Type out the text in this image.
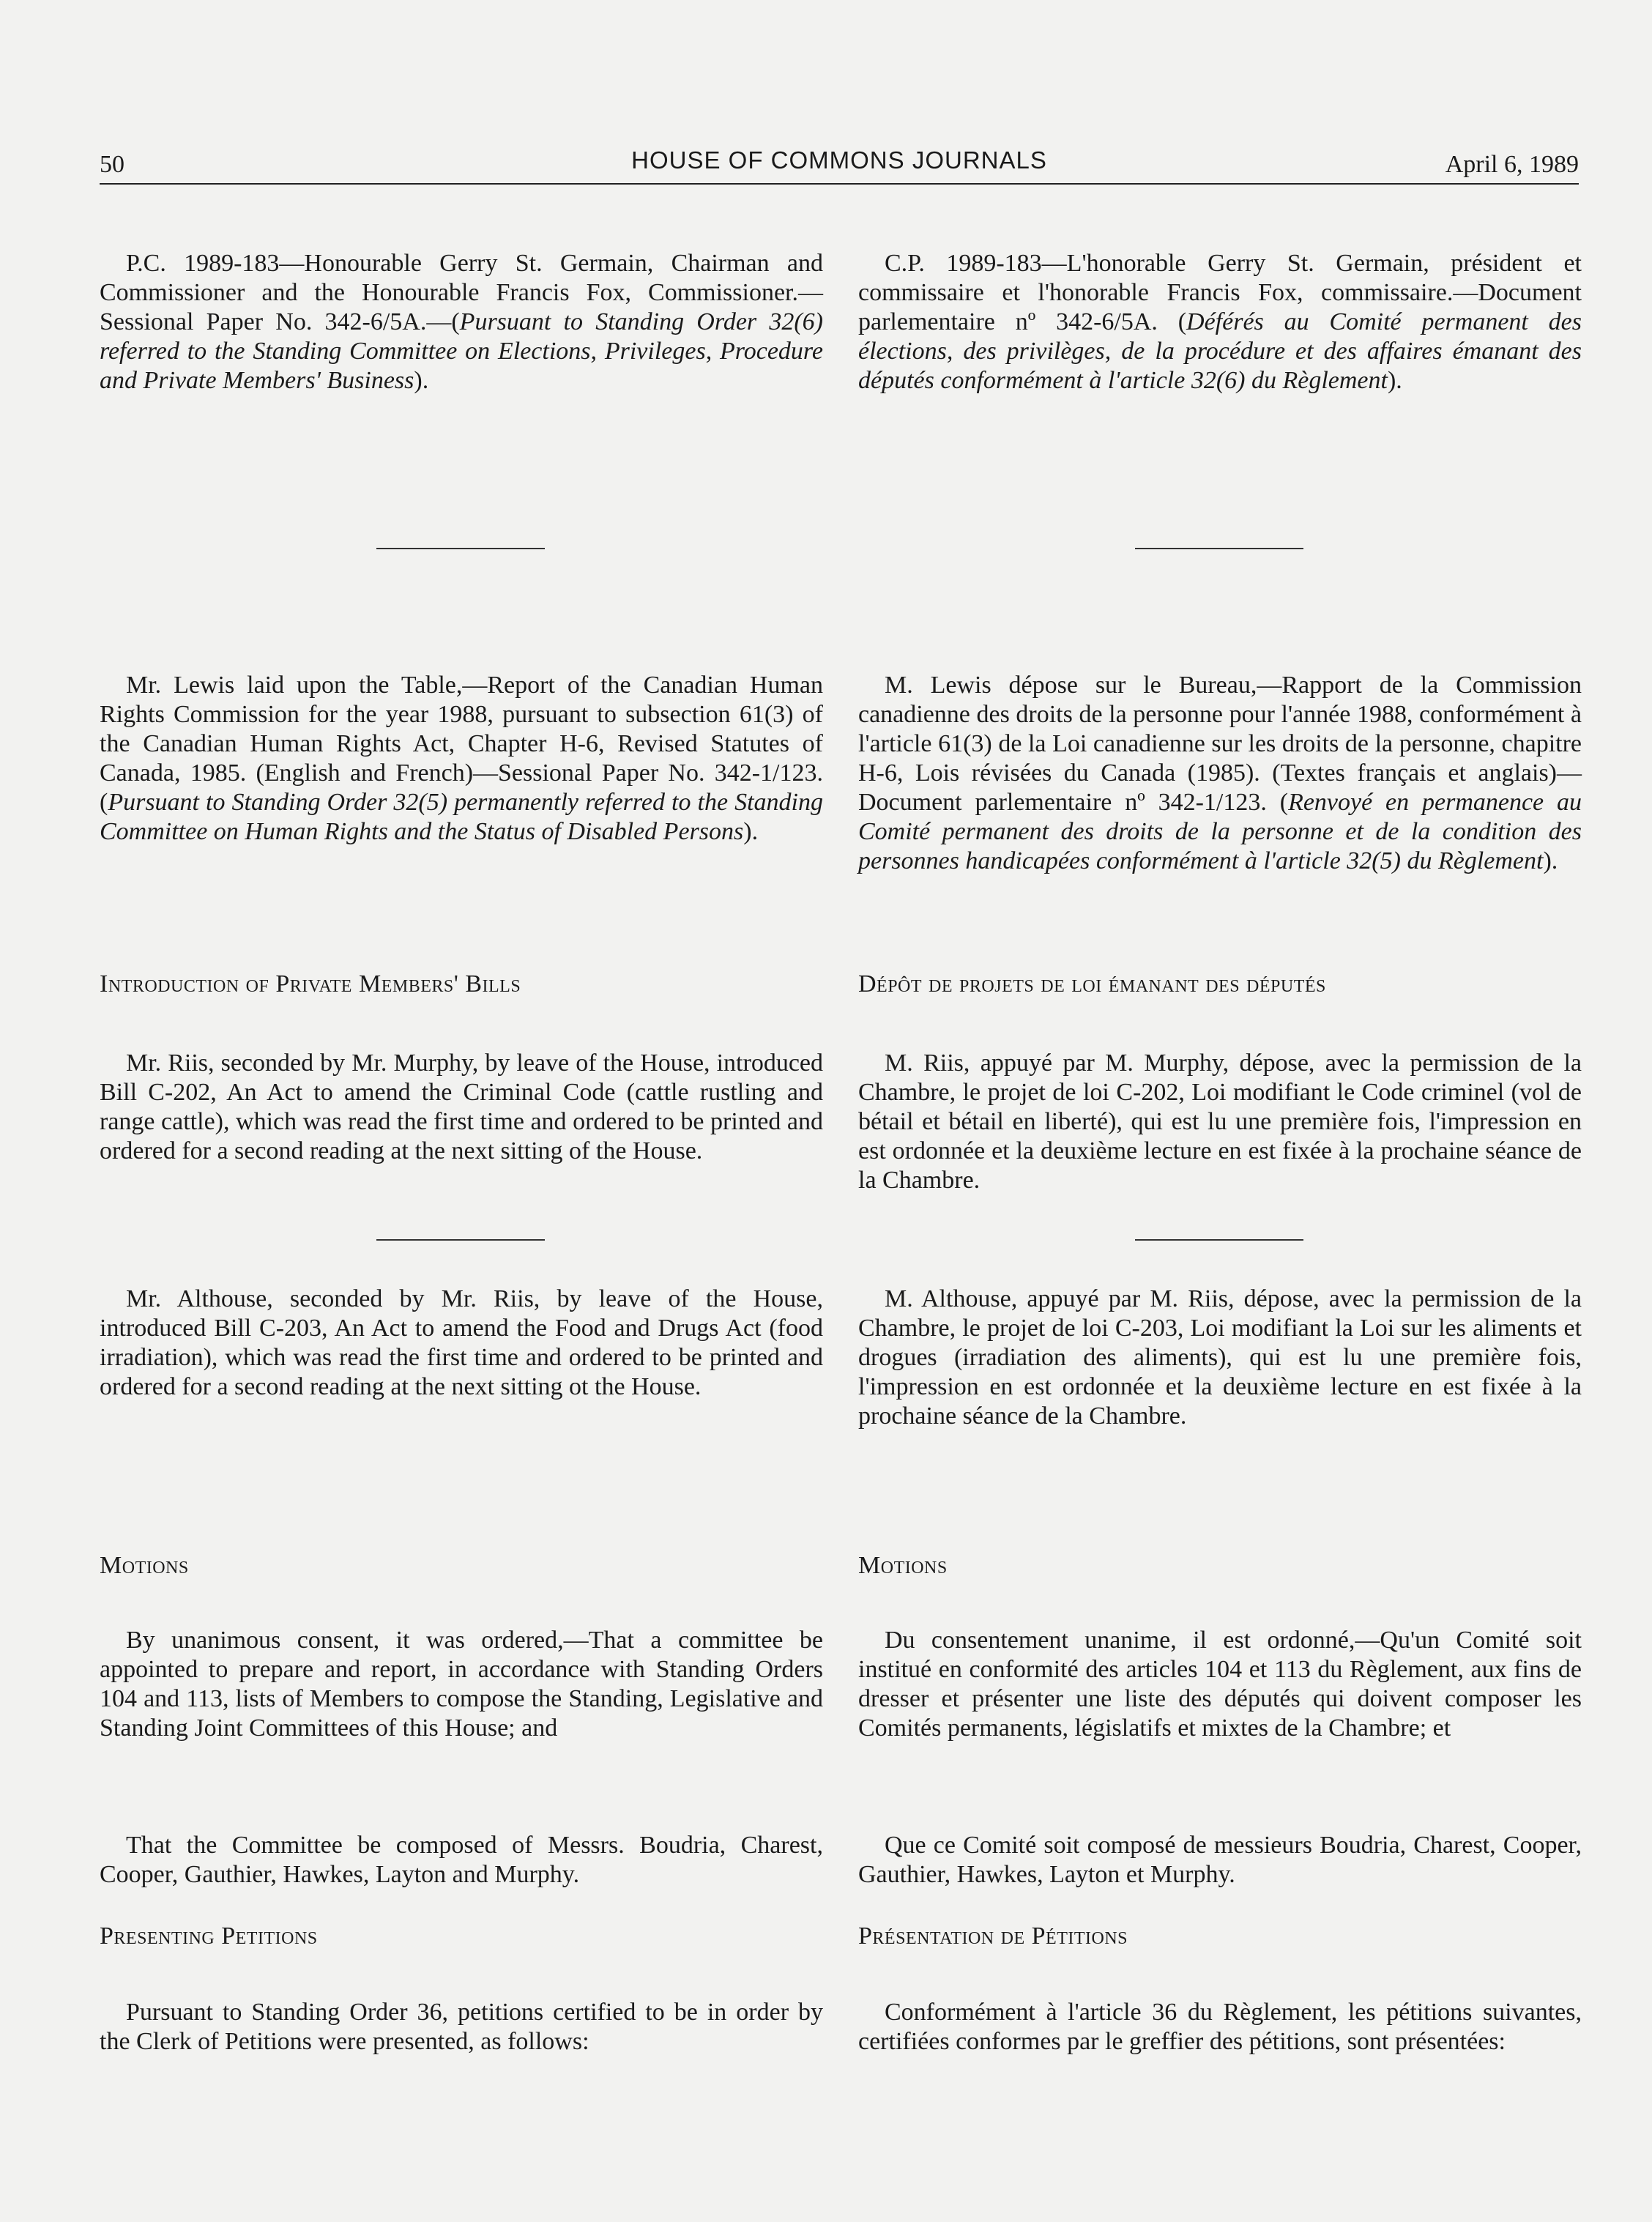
50	HOUSE OF COMMONS JOURNALS	April 6, 1989

P.C. 1989-183—Honourable Gerry St. Germain, Chairman and Commissioner and the Honourable Francis Fox, Commissioner.—Sessional Paper No. 342-6/5A.—(Pursuant to Standing Order 32(6) referred to the Standing Committee on Elections, Privileges, Procedure and Private Members' Business).

Mr. Lewis laid upon the Table,—Report of the Canadian Human Rights Commission for the year 1988, pursuant to subsection 61(3) of the Canadian Human Rights Act, Chapter H-6, Revised Statutes of Canada, 1985. (English and French)—Sessional Paper No. 342-1/123. (Pursuant to Standing Order 32(5) permanently referred to the Standing Committee on Human Rights and the Status of Disabled Persons).

Introduction of Private Members' Bills

Mr. Riis, seconded by Mr. Murphy, by leave of the House, introduced Bill C-202, An Act to amend the Criminal Code (cattle rustling and range cattle), which was read the first time and ordered to be printed and ordered for a second reading at the next sitting of the House.

Mr. Althouse, seconded by Mr. Riis, by leave of the House, introduced Bill C-203, An Act to amend the Food and Drugs Act (food irradiation), which was read the first time and ordered to be printed and ordered for a second reading at the next sitting ot the House.

Motions

By unanimous consent, it was ordered,—That a committee be appointed to prepare and report, in accordance with Standing Orders 104 and 113, lists of Members to compose the Standing, Legislative and Standing Joint Committees of this House; and

That the Committee be composed of Messrs. Boudria, Charest, Cooper, Gauthier, Hawkes, Layton and Murphy.

Presenting Petitions

Pursuant to Standing Order 36, petitions certified to be in order by the Clerk of Petitions were presented, as follows:

C.P. 1989-183—L'honorable Gerry St. Germain, président et commissaire et l'honorable Francis Fox, commissaire.—Document parlementaire nº 342-6/5A. (Déférés au Comité permanent des élections, des privilèges, de la procédure et des affaires émanant des députés conformément à l'article 32(6) du Règlement).

M. Lewis dépose sur le Bureau,—Rapport de la Commission canadienne des droits de la personne pour l'année 1988, conformément à l'article 61(3) de la Loi canadienne sur les droits de la personne, chapitre H-6, Lois révisées du Canada (1985). (Textes français et anglais)—Document parlementaire nº 342-1/123. (Renvoyé en permanence au Comité permanent des droits de la personne et de la condition des personnes handicapées conformément à l'article 32(5) du Règlement).

Dépôt de projets de loi émanant des députés

M. Riis, appuyé par M. Murphy, dépose, avec la permission de la Chambre, le projet de loi C-202, Loi modifiant le Code criminel (vol de bétail et bétail en liberté), qui est lu une première fois, l'impression en est ordonnée et la deuxième lecture en est fixée à la prochaine séance de la Chambre.

M. Althouse, appuyé par M. Riis, dépose, avec la permission de la Chambre, le projet de loi C-203, Loi modifiant la Loi sur les aliments et drogues (irradiation des aliments), qui est lu une première fois, l'impression en est ordonnée et la deuxième lecture en est fixée à la prochaine séance de la Chambre.

Motions

Du consentement unanime, il est ordonné,—Qu'un Comité soit institué en conformité des articles 104 et 113 du Règlement, aux fins de dresser et présenter une liste des députés qui doivent composer les Comités permanents, législatifs et mixtes de la Chambre; et

Que ce Comité soit composé de messieurs Boudria, Charest, Cooper, Gauthier, Hawkes, Layton et Murphy.

Présentation de Pétitions

Conformément à l'article 36 du Règlement, les pétitions suivantes, certifiées conformes par le greffier des pétitions, sont présentées:
